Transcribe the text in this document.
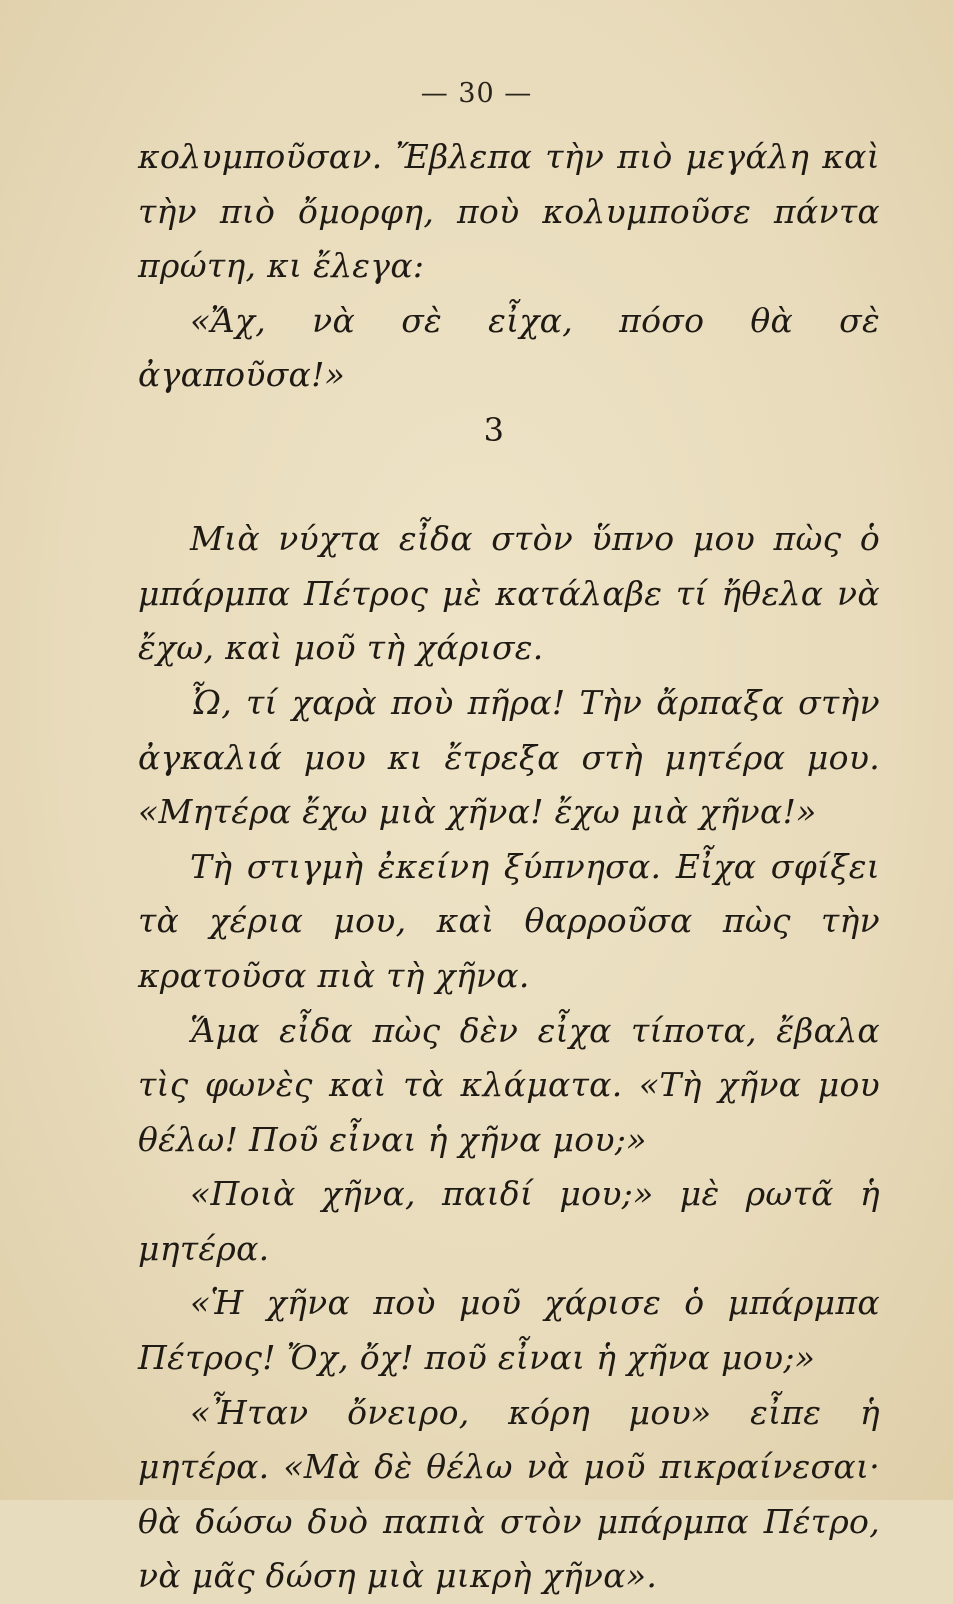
— 30 —

κολυμποῦσαν. Ἔβλεπα τὴν πιὸ μεγάλη καὶ τὴν πιὸ ὄμορφη, ποὺ κολυμποῦσε πάντα πρώτη, κι ἔλεγα:

«Ἄχ, νὰ σὲ εἶχα, πόσο θὰ σὲ ἀγαποῦσα!»

3

Μιὰ νύχτα εἶδα στὸν ὕπνο μου πὼς ὁ μπάρμπα Πέτρος μὲ κατάλαβε τί ἤθελα νὰ ἔχω, καὶ μοῦ τὴ χάρισε.

Ὦ, τί χαρὰ ποὺ πῆρα! Τὴν ἄρπαξα στὴν ἀγκαλιά μου κι ἔτρεξα στὴ μητέρα μου. «Μητέρα ἔχω μιὰ χῆνα! ἔχω μιὰ χῆνα!»

Τὴ στιγμὴ ἐκείνη ξύπνησα. Εἶχα σφίξει τὰ χέρια μου, καὶ θαρροῦσα πὼς τὴν κρατοῦσα πιὰ τὴ χῆνα.

Ἅμα εἶδα πὼς δὲν εἶχα τίποτα, ἔβαλα τὶς φωνὲς καὶ τὰ κλάματα. «Τὴ χῆνα μου θέλω! Ποῦ εἶναι ἡ χῆνα μου;»

«Ποιὰ χῆνα, παιδί μου;» μὲ ρωτᾶ ἡ μητέρα.

«Ἡ χῆνα ποὺ μοῦ χάρισε ὁ μπάρμπα Πέτρος! Ὄχ, ὄχ! ποῦ εἶναι ἡ χῆνα μου;»

«Ἦταν ὄνειρο, κόρη μου» εἶπε ἡ μητέρα. «Μὰ δὲ θέλω νὰ μοῦ πικραίνεσαι· θὰ δώσω δυὸ παπιὰ στὸν μπάρμπα Πέτρο, νὰ μᾶς δώση μιὰ μικρὴ χῆνα».
